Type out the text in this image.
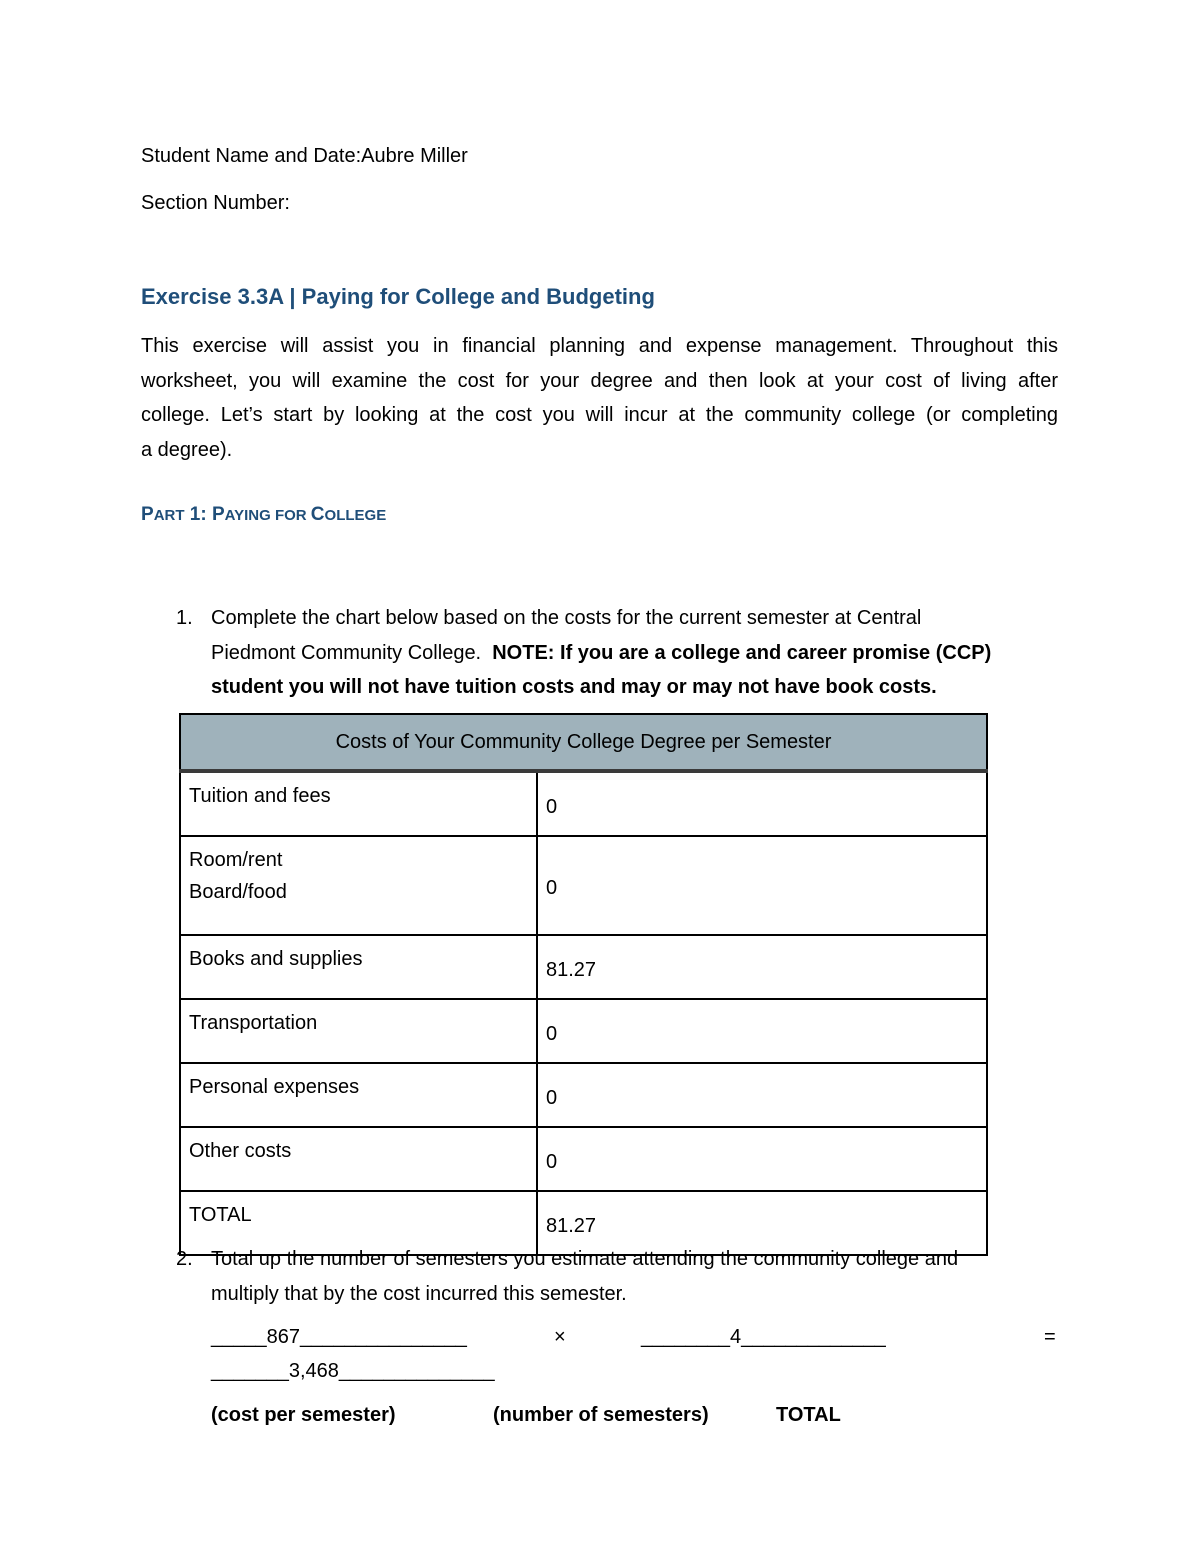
Student Name and Date:Aubre Miller
Section Number:
Exercise 3.3A | Paying for College and Budgeting
This exercise will assist you in financial planning and expense management. Throughout this
worksheet, you will examine the cost for your degree and then look at your cost of living after
college. Let’s start by looking at the cost you will incur at the community college (or completing
a degree).
PART 1: PAYING FOR COLLEGE
1. Complete the chart below based on the costs for the current semester at Central
Piedmont Community College.  NOTE: If you are a college and career promise (CCP)
student you will not have tuition costs and may or may not have book costs.
Costs of Your Community College Degree per Semester	
Tuition and fees	0

Room/rent
Board/food	0
Books and supplies	81.27
Transportation	0
Personal expenses	0
Other costs	0
TOTAL	81.27
2. Total up the number of semesters you estimate attending the community college and
multiply that by the cost incurred this semester.
_____867_______________	×	________4_____________	=
_______3,468______________
(cost per semester)	(number of semesters)	TOTAL
